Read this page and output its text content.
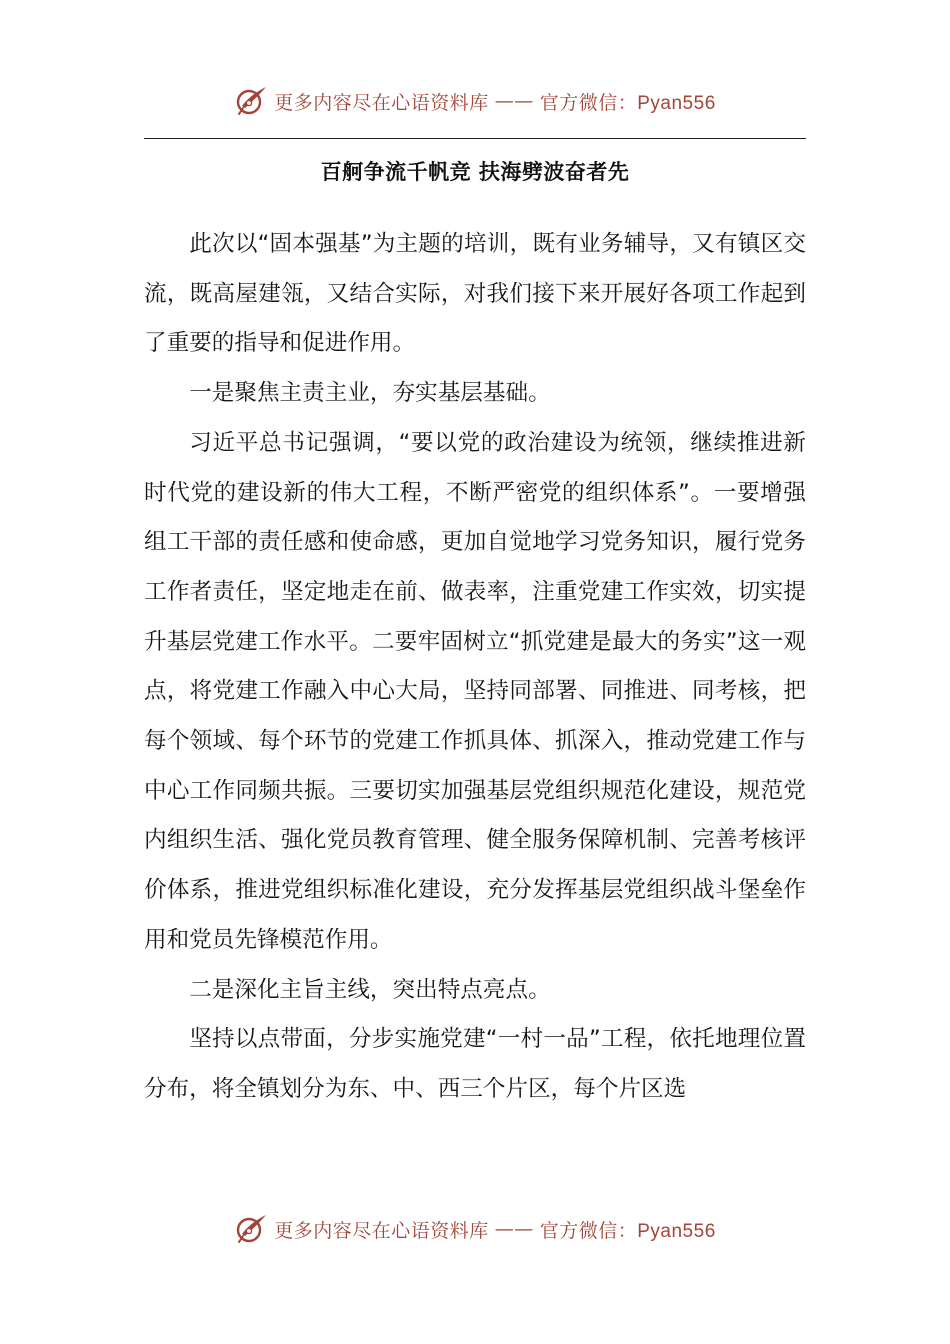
更多内容尽在心语资料库 —— 官方微信：Pyan556
百舸争流千帆竞 扶海劈波奋者先

此次以“固本强基”为主题的培训，既有业务辅导，又有镇区交流，既高屋建瓴，又结合实际，对我们接下来开展好各项工作起到了重要的指导和促进作用。

一是聚焦主责主业，夯实基层基础。

习近平总书记强调，“要以党的政治建设为统领，继续推进新时代党的建设新的伟大工程，不断严密党的组织体系”。一要增强组工干部的责任感和使命感，更加自觉地学习党务知识，履行党务工作者责任，坚定地走在前、做表率，注重党建工作实效，切实提升基层党建工作水平。二要牢固树立“抓党建是最大的务实”这一观点，将党建工作融入中心大局，坚持同部署、同推进、同考核，把每个领域、每个环节的党建工作抓具体、抓深入，推动党建工作与中心工作同频共振。三要切实加强基层党组织规范化建设，规范党内组织生活、强化党员教育管理、健全服务保障机制、完善考核评价体系，推进党组织标准化建设，充分发挥基层党组织战斗堡垒作用和党员先锋模范作用。

二是深化主旨主线，突出特点亮点。

坚持以点带面，分步实施党建“一村一品”工程，依托地理位置分布，将全镇划分为东、中、西三个片区，每个片区选

更多内容尽在心语资料库 —— 官方微信：Pyan556
